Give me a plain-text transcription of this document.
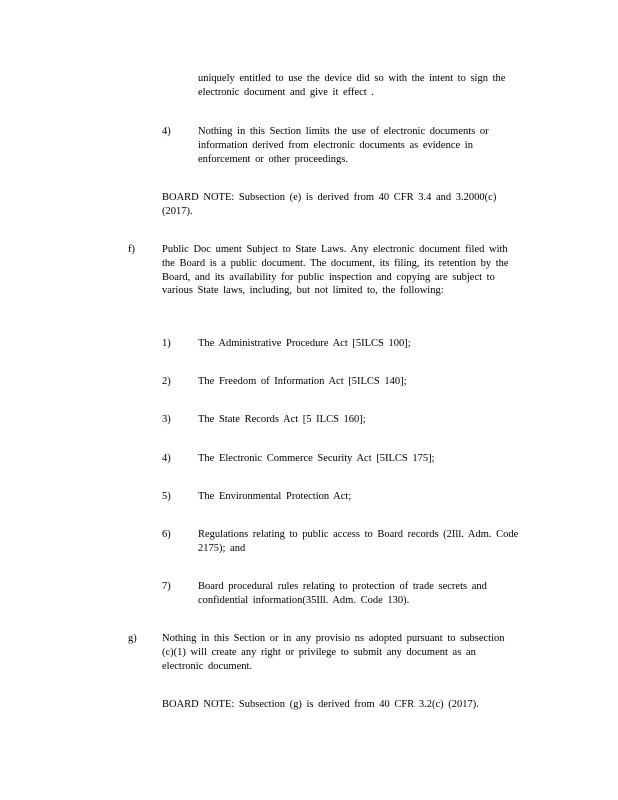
uniquely entitled to use the device did so with the intent to sign the electronic document and give it effect .
4)	Nothing in this Section limits the use of electronic documents or information derived from electronic documents as evidence in enforcement or other proceedings.
BOARD NOTE: Subsection (e) is derived from 40 CFR 3.4 and 3.2000(c) (2017).
f)	Public Doc ument Subject to State Laws. Any electronic document filed with the Board is a public document. The document, its filing, its retention by the Board, and its availability for public inspection and copying are subject to various State laws, including, but not limited to, the following:
1)	The Administrative Procedure Act [5ILCS 100];
2)	The Freedom of Information Act [5ILCS 140];
3)	The State Records Act [5 ILCS 160];
4)	The Electronic Commerce Security Act [5ILCS 175];
5)	The Environmental Protection Act;
6)	Regulations relating to public access to Board records (2Ill. Adm. Code 2175); and
7)	Board procedural rules relating to protection of trade secrets and confidential information(35Ill. Adm. Code 130).
g) Nothing in this Section or in any provisio ns adopted pursuant to subsection (c)(1) will create any right or privilege to submit any document as an electronic document.
BOARD NOTE: Subsection (g) is derived from 40 CFR 3.2(c) (2017).
